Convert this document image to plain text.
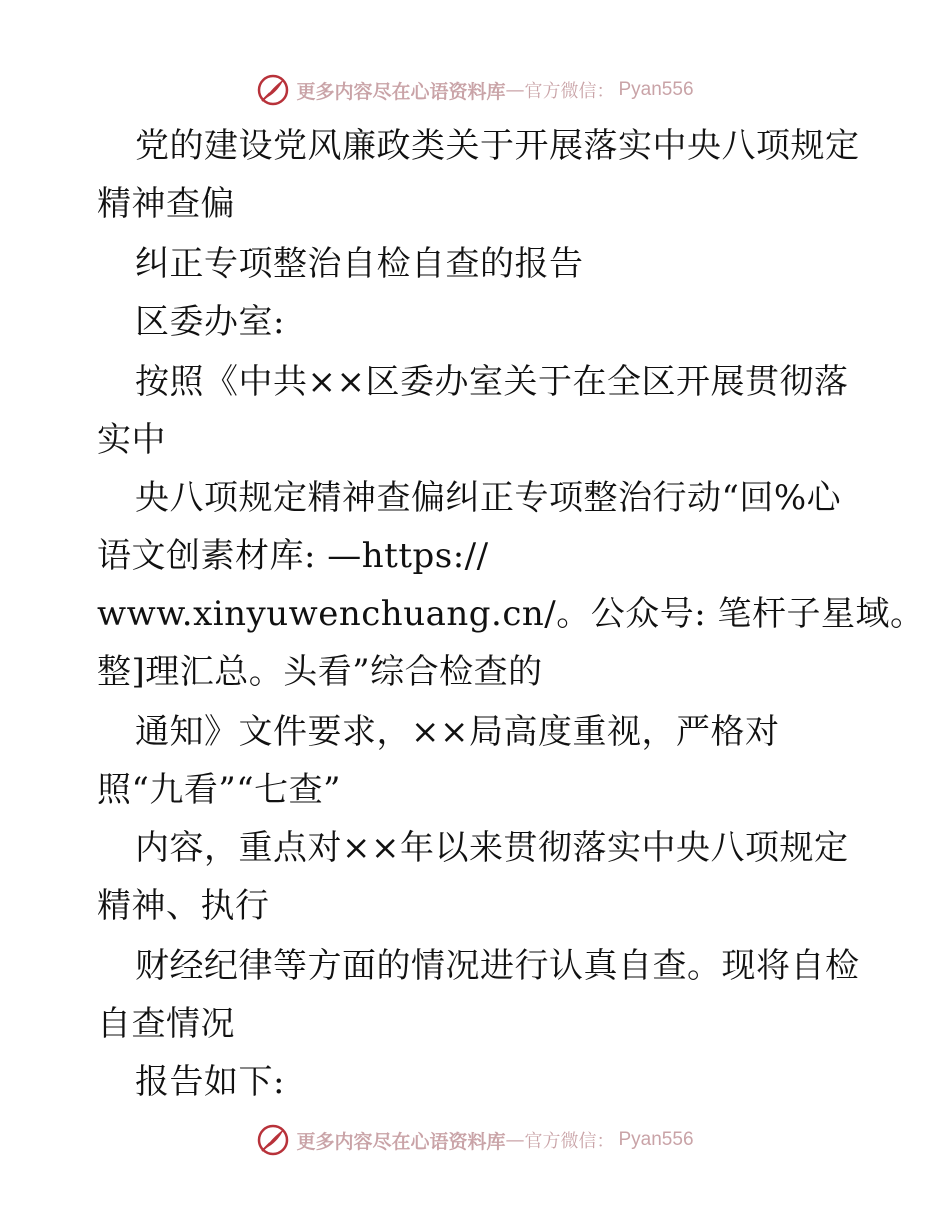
更多内容尽在心语资料库 — 官方微信： Pyan556
党的建设党风廉政类关于开展落实中央八项规定
精神查偏
纠正专项整治自检自查的报告
区委办室:
按照《中共××区委办室关于在全区开展贯彻落
实中
央八项规定精神查偏纠正专项整治行动“回%心
语文创素材库: —https://
www.xinyuwenchuang.cn/。公众号: 笔杆子星域。
整]理汇总。头看”综合检查的
通知》文件要求，××局高度重视，严格对
照“九看”“七查”
内容，重点对××年以来贯彻落实中央八项规定
精神、执行
财经纪律等方面的情况进行认真自查。现将自检
自查情况
报告如下:
更多内容尽在心语资料库 — 官方微信： Pyan556
